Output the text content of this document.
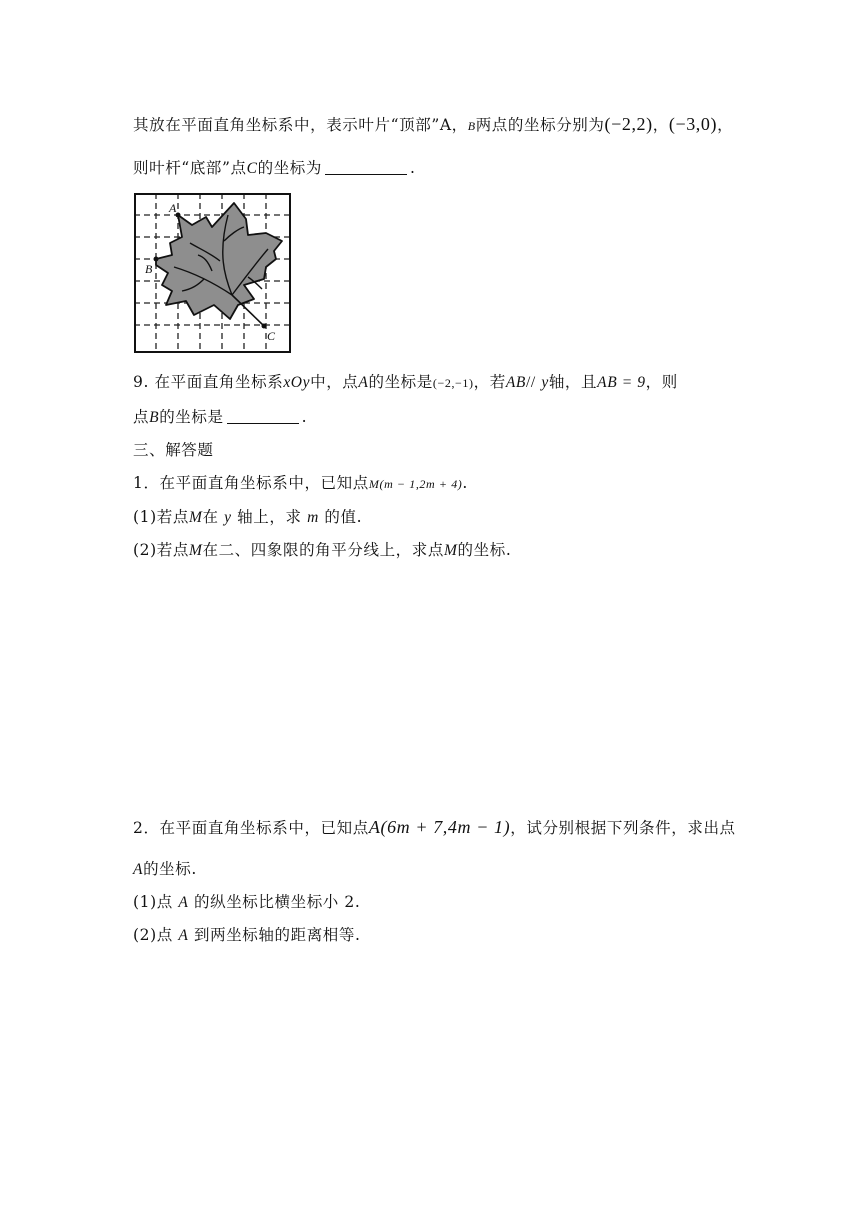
其放在平面直角坐标系中，表示叶片“顶部”A，B两点的坐标分别为(−2,2)，(−3,0)，
则叶杆“底部”点C的坐标为	.
A
B
C
9. 在平面直角坐标系xOy中，点A的坐标是(−2,−1)，若AB// y轴，且AB = 9，则
点B的坐标是	.
三、解答题
1．在平面直角坐标系中，已知点M(m − 1,2m + 4).
(1)若点M在 y 轴上，求 m 的值.
(2)若点M在二、四象限的角平分线上，求点M的坐标.
2．在平面直角坐标系中，已知点A(6m + 7,4m − 1)，试分别根据下列条件，求出点
A的坐标.
(1)点 A 的纵坐标比横坐标小 2.
(2)点 A 到两坐标轴的距离相等.
